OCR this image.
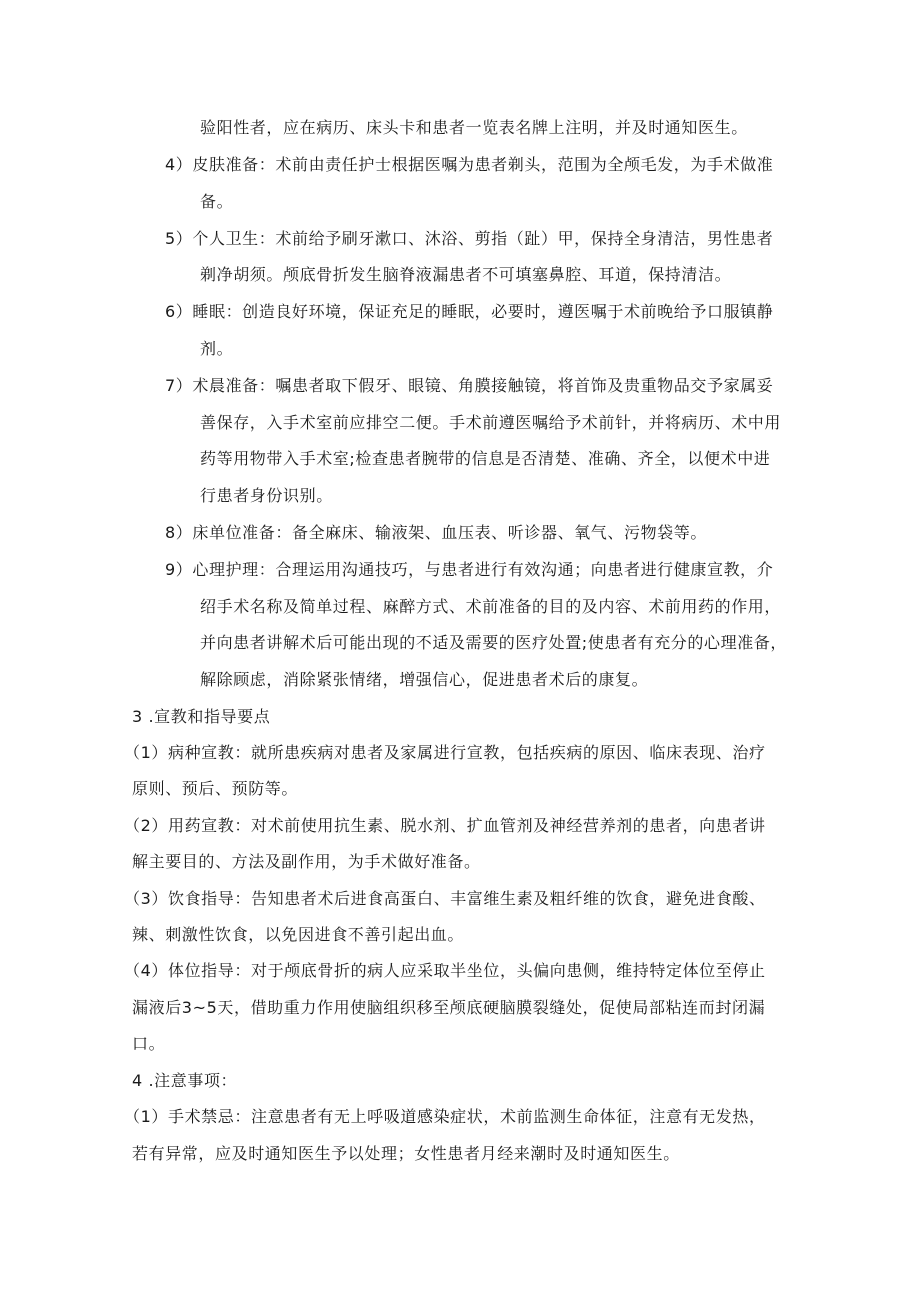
验阳性者，应在病历、床头卡和患者一览表名牌上注明，并及时通知医生。
4）皮肤准备：术前由责任护士根据医嘱为患者剃头，范围为全颅毛发，为手术做准
备。
5）个人卫生：术前给予刷牙漱口、沐浴、剪指（趾）甲，保持全身清洁，男性患者
剃净胡须。颅底骨折发生脑脊液漏患者不可填塞鼻腔、耳道，保持清洁。
6）睡眠：创造良好环境，保证充足的睡眠，必要时，遵医嘱于术前晚给予口服镇静
剂。
7）术晨准备：嘱患者取下假牙、眼镜、角膜接触镜，将首饰及贵重物品交予家属妥
善保存，入手术室前应排空二便。手术前遵医嘱给予术前针，并将病历、术中用
药等用物带入手术室;检查患者腕带的信息是否清楚、准确、齐全，以便术中进
行患者身份识别。
8）床单位准备：备全麻床、输液架、血压表、听诊器、氧气、污物袋等。
9）心理护理：合理运用沟通技巧，与患者进行有效沟通；向患者进行健康宣教，介
绍手术名称及简单过程、麻醉方式、术前准备的目的及内容、术前用药的作用，
并向患者讲解术后可能出现的不适及需要的医疗处置;使患者有充分的心理准备，
解除顾虑，消除紧张情绪，增强信心，促进患者术后的康复。
3 .宣教和指导要点
（1）病种宣教：就所患疾病对患者及家属进行宣教，包括疾病的原因、临床表现、治疗
原则、预后、预防等。
（2）用药宣教：对术前使用抗生素、脱水剂、扩血管剂及神经营养剂的患者，向患者讲
解主要目的、方法及副作用，为手术做好准备。
（3）饮食指导：告知患者术后进食高蛋白、丰富维生素及粗纤维的饮食，避免进食酸、
辣、刺激性饮食，以免因进食不善引起出血。
（4）体位指导：对于颅底骨折的病人应采取半坐位，头偏向患侧，维持特定体位至停止
漏液后3~5天，借助重力作用使脑组织移至颅底硬脑膜裂缝处，促使局部粘连而封闭漏
口。
4 .注意事项：
（1）手术禁忌：注意患者有无上呼吸道感染症状，术前监测生命体征，注意有无发热，
若有异常，应及时通知医生予以处理；女性患者月经来潮时及时通知医生。
